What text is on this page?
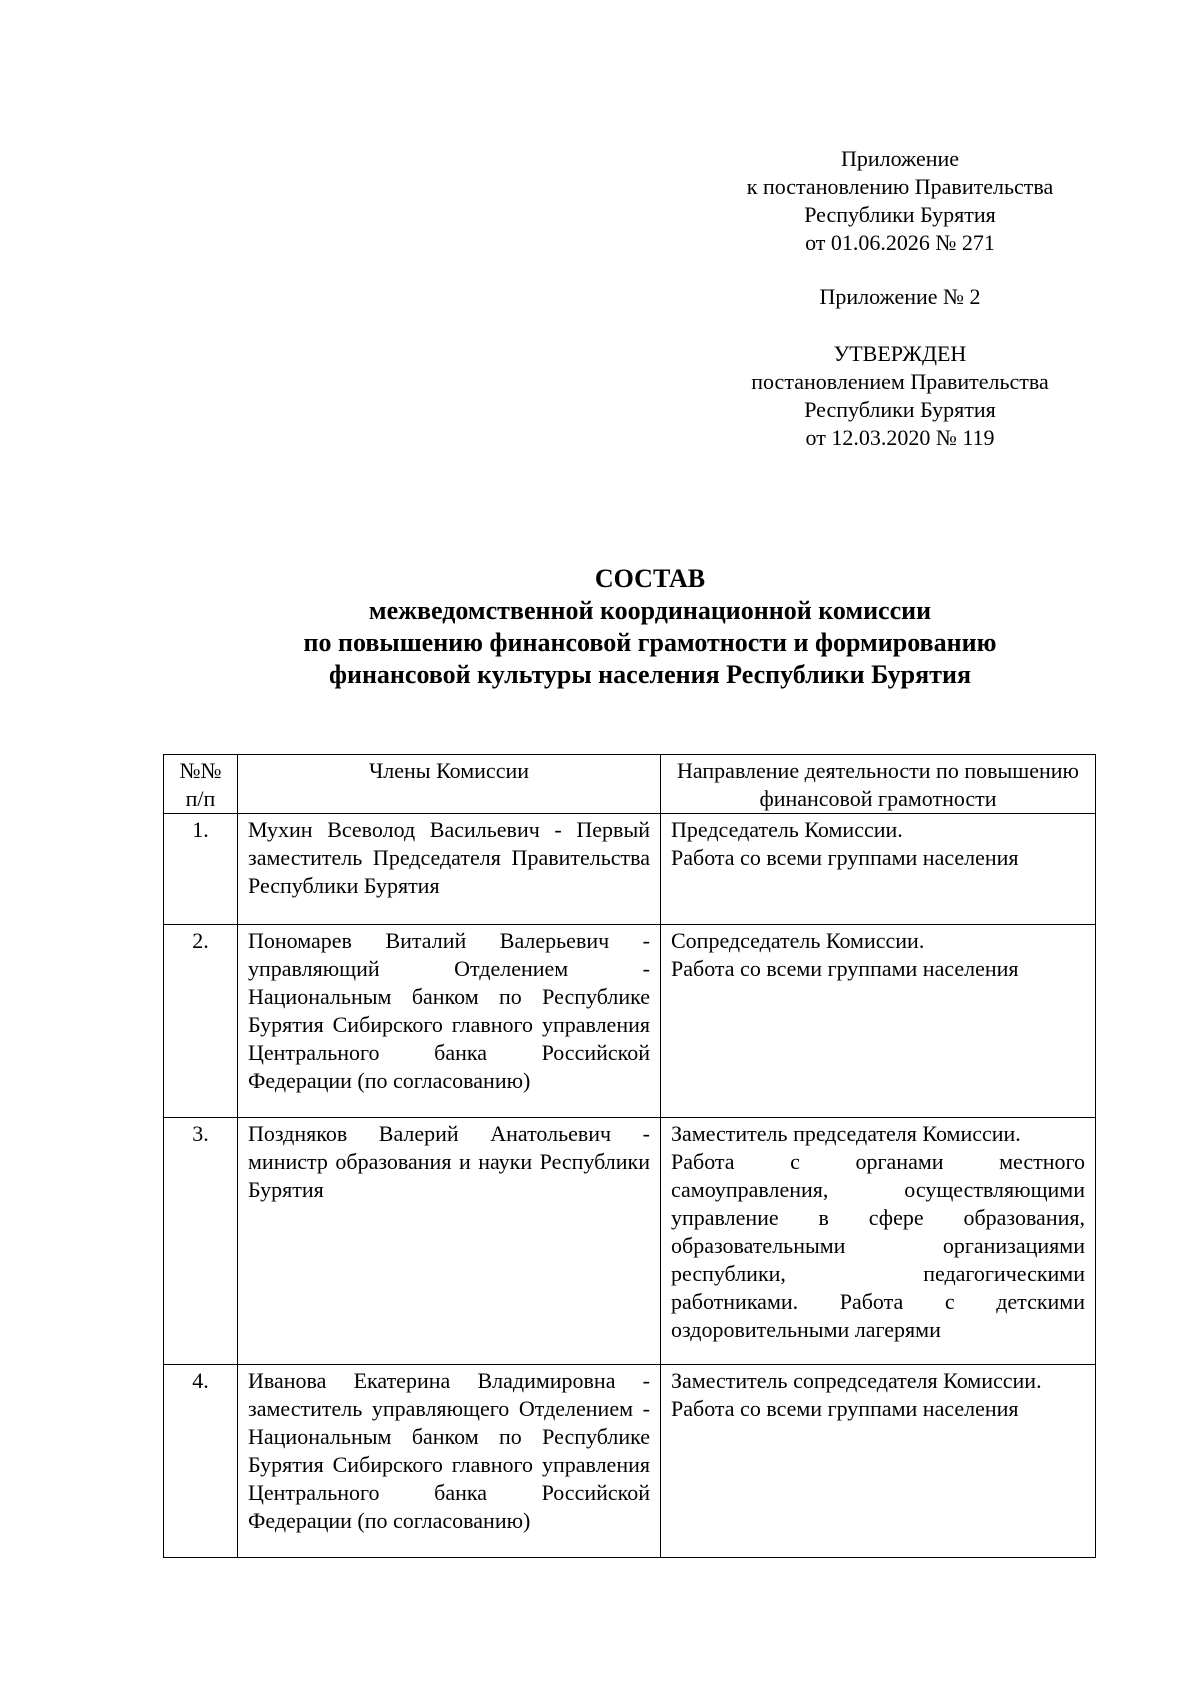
Приложение

к постановлению Правительства

Республики Бурятия

от 01.06.2026 № 271

Приложение № 2

УТВЕРЖДЕН

постановлением Правительства

Республики Бурятия

от 12.03.2020 № 119

СОСТАВ

межведомственной координационной комиссии

по повышению финансовой грамотности и формированию

финансовой культуры населения Республики Бурятия

№№ п/п	Члены Комиссии	Направление деятельности по повышению финансовой грамотности
1.	Мухин Всеволод Васильевич - Первый заместитель Председателя Правительства Республики Бурятия	Председатель Комиссии.
Работа со всеми группами населения

2.	Пономарев Виталий Валерьевич - управляющий Отделением - Национальным банком по Республике Бурятия Сибирского главного управления Центрального банка Российской Федерации (по согласованию)	Сопредседатель Комиссии.
Работа со всеми группами населения

3.	Поздняков Валерий Анатольевич - министр образования и науки Республики Бурятия	Заместитель председателя Комиссии.
Работа с органами местного самоуправления, осуществляющими управление в сфере образования, образовательными организациями республики, педагогическими работниками. Работа с детскими оздоровительными лагерями

4.	Иванова Екатерина Владимировна - заместитель управляющего Отделением - Национальным банком по Республике Бурятия Сибирского главного управления Центрального банка Российской Федерации (по согласованию)	Заместитель сопредседателя Комиссии.
Работа со всеми группами населения
